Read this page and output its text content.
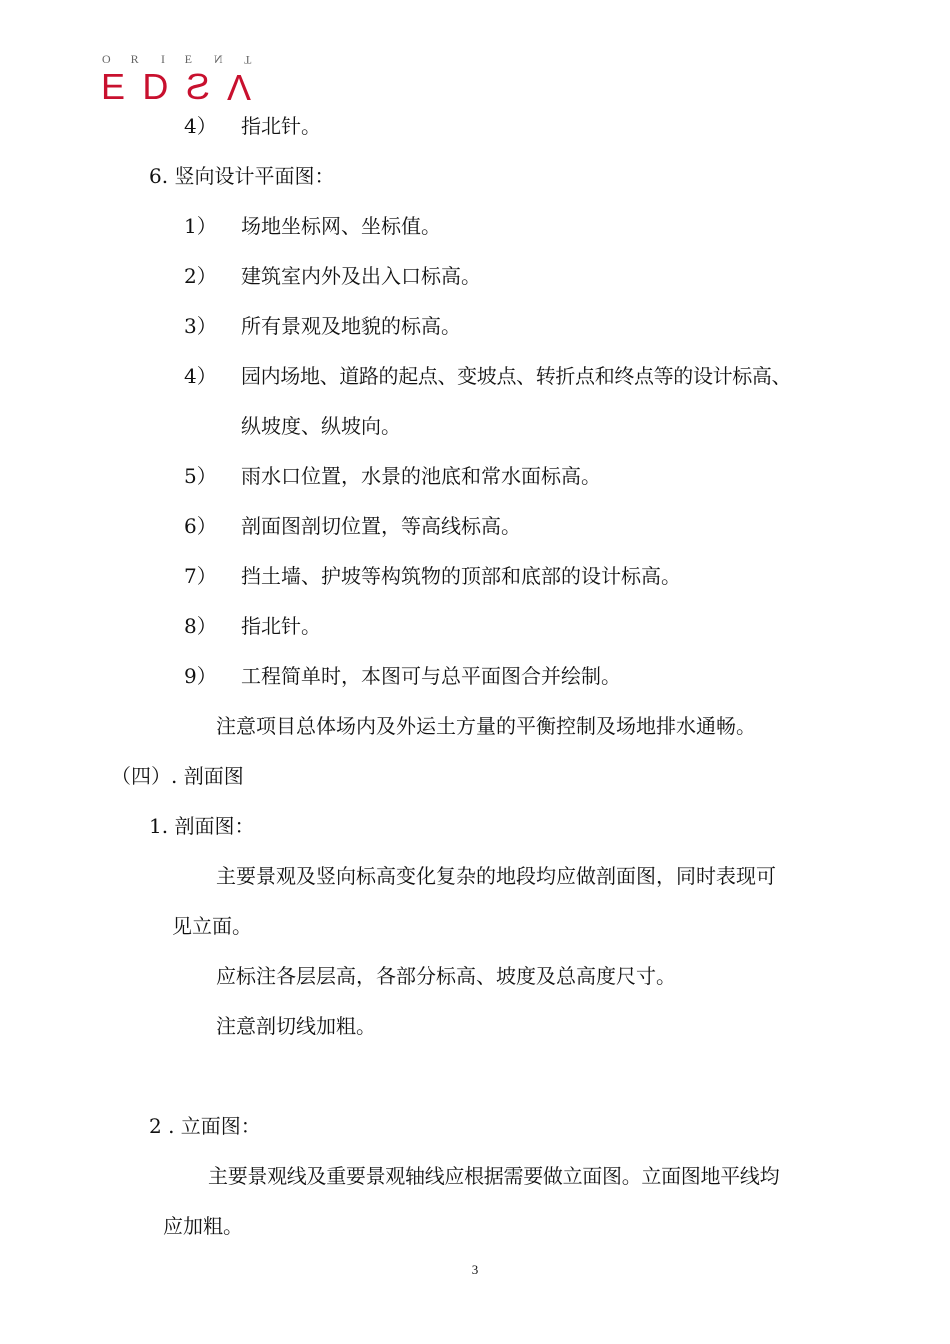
O R I E N T
E D S V
4） 指北针。
6. 竖向设计平面图：
1） 场地坐标网、坐标值。
2） 建筑室内外及出入口标高。
3） 所有景观及地貌的标高。
4） 园内场地、道路的起点、变坡点、转折点和终点等的设计标高、
纵坡度、纵坡向。
5） 雨水口位置，水景的池底和常水面标高。
6） 剖面图剖切位置，等高线标高。
7） 挡土墙、护坡等构筑物的顶部和底部的设计标高。
8） 指北针。
9） 工程简单时，本图可与总平面图合并绘制。
注意项目总体场内及外运土方量的平衡控制及场地排水通畅。
（四）. 剖面图
1. 剖面图：
主要景观及竖向标高变化复杂的地段均应做剖面图，同时表现可
见立面。
应标注各层层高，各部分标高、坡度及总高度尺寸。
注意剖切线加粗。
2 . 立面图：
主要景观线及重要景观轴线应根据需要做立面图。立面图地平线均
应加粗。
3
